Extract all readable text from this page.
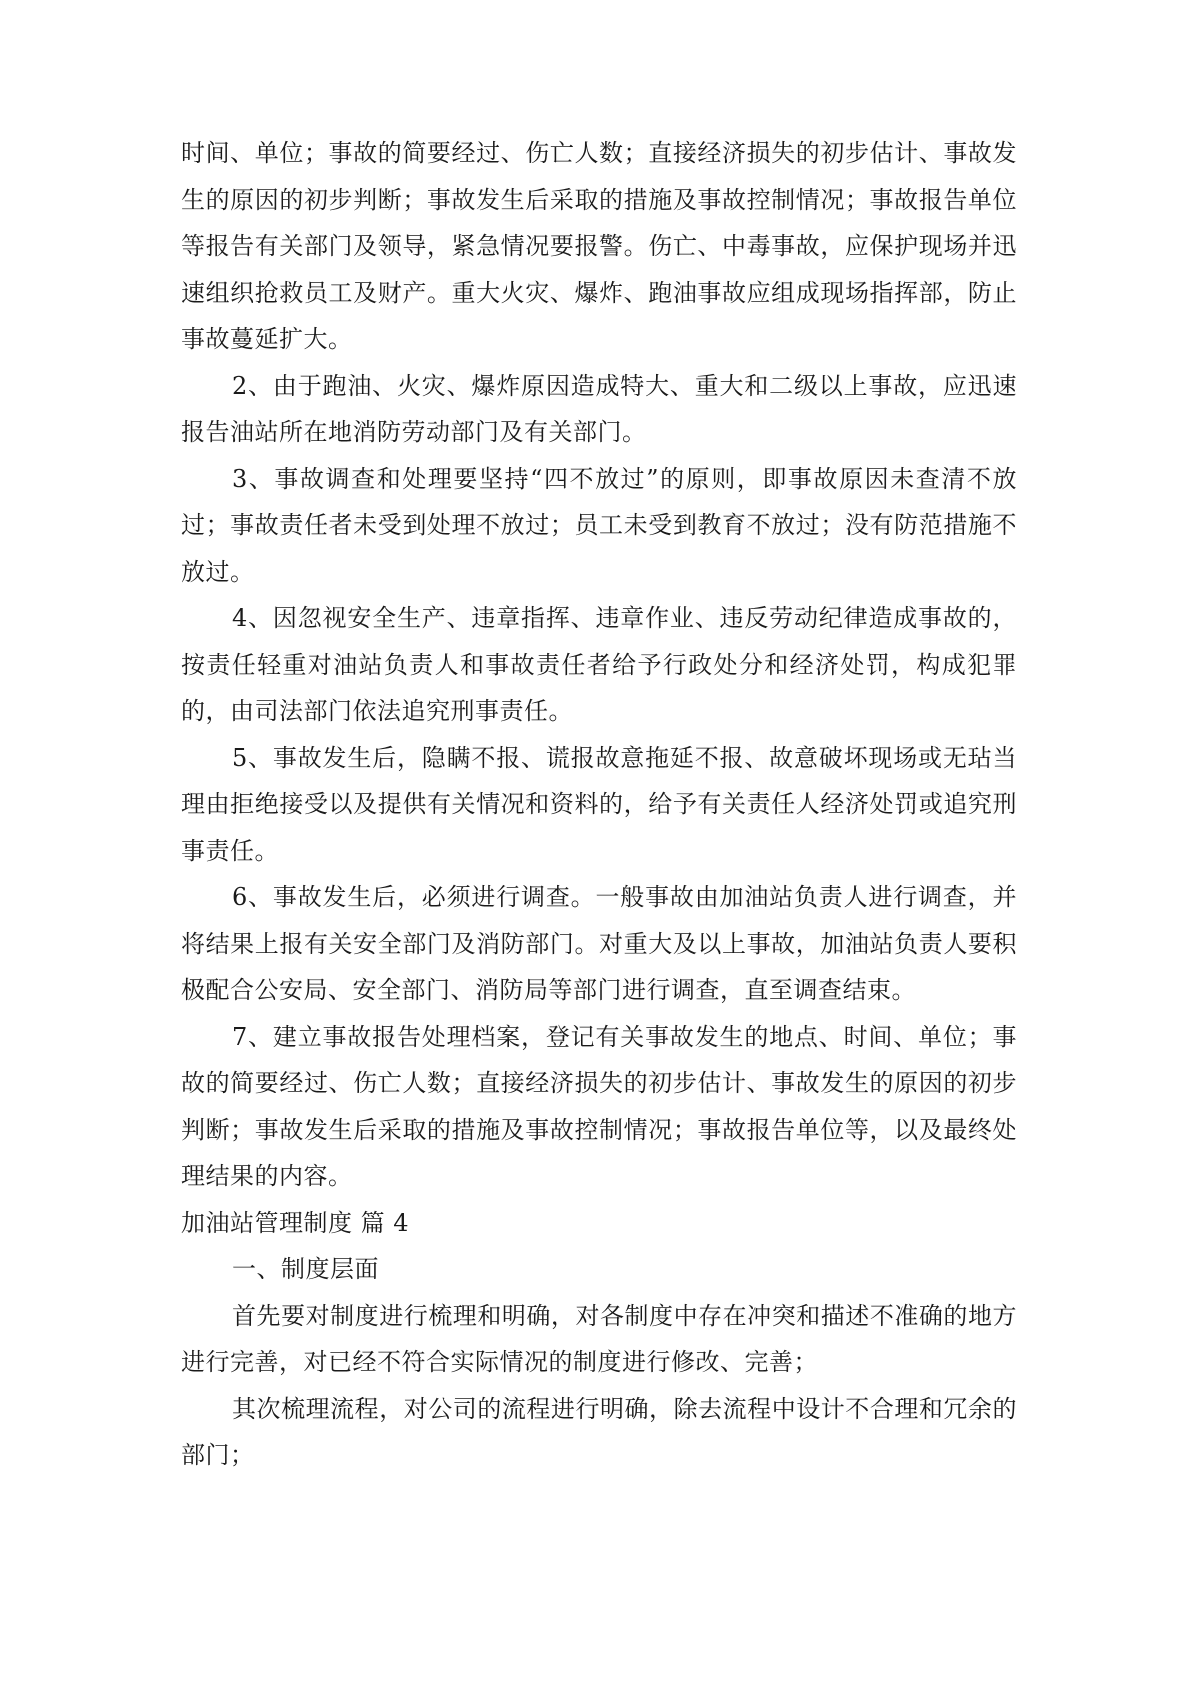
时间、单位；事故的简要经过、伤亡人数；直接经济损失的初步估计、事故发生的原因的初步判断；事故发生后采取的措施及事故控制情况；事故报告单位等报告有关部门及领导，紧急情况要报警。伤亡、中毒事故，应保护现场并迅速组织抢救员工及财产。重大火灾、爆炸、跑油事故应组成现场指挥部，防止事故蔓延扩大。

2、由于跑油、火灾、爆炸原因造成特大、重大和二级以上事故，应迅速报告油站所在地消防劳动部门及有关部门。

3、事故调查和处理要坚持“四不放过”的原则，即事故原因未查清不放过；事故责任者未受到处理不放过；员工未受到教育不放过；没有防范措施不放过。

4、因忽视安全生产、违章指挥、违章作业、违反劳动纪律造成事故的，按责任轻重对油站负责人和事故责任者给予行政处分和经济处罚，构成犯罪的，由司法部门依法追究刑事责任。

5、事故发生后，隐瞒不报、谎报故意拖延不报、故意破坏现场或无玷当理由拒绝接受以及提供有关情况和资料的，给予有关责任人经济处罚或追究刑事责任。

6、事故发生后，必须进行调查。一般事故由加油站负责人进行调查，并将结果上报有关安全部门及消防部门。对重大及以上事故，加油站负责人要积极配合公安局、安全部门、消防局等部门进行调查，直至调查结束。

7、建立事故报告处理档案，登记有关事故发生的地点、时间、单位；事故的简要经过、伤亡人数；直接经济损失的初步估计、事故发生的原因的初步判断；事故发生后采取的措施及事故控制情况；事故报告单位等，以及最终处理结果的内容。

加油站管理制度 篇 4

一、制度层面

首先要对制度进行梳理和明确，对各制度中存在冲突和描述不准确的地方进行完善，对已经不符合实际情况的制度进行修改、完善；

其次梳理流程，对公司的流程进行明确，除去流程中设计不合理和冗余的部门；
